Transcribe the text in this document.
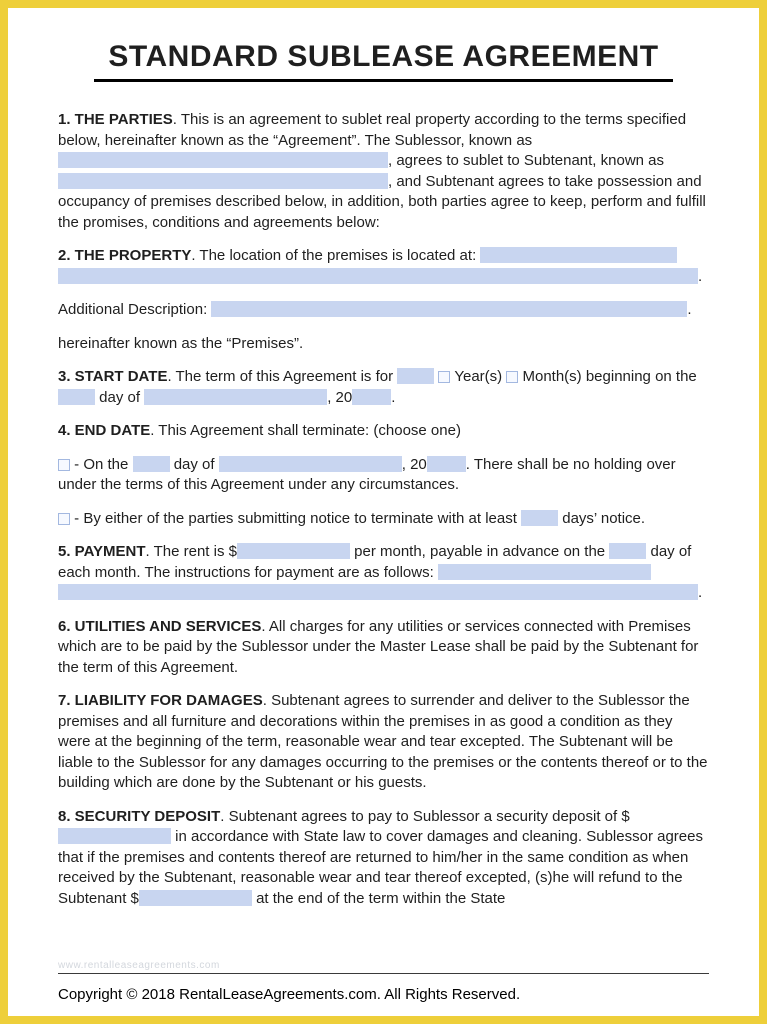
STANDARD SUBLEASE AGREEMENT

1. THE PARTIES. This is an agreement to sublet real property according to the terms specified below, hereinafter known as the “Agreement”. The Sublessor, known as , agrees to sublet to Subtenant, known as , and Subtenant agrees to take possession and occupancy of premises described below, in addition, both parties agree to keep, perform and fulfill the promises, conditions and agreements below:

2. THE PROPERTY. The location of the premises is located at:  .

Additional Description:	.

hereinafter known as the “Premises”.

3. START DATE. The term of this Agreement is for	Year(s)  Month(s) beginning on the  day of	, 20	.

4. END DATE. This Agreement shall terminate: (choose one)

- On the  day of	, 20	. There shall be no holding over under the terms of this Agreement under any circumstances.

- By either of the parties submitting notice to terminate with at least  days’ notice.

5. PAYMENT. The rent is $	per month, payable in advance on the  day of each month. The instructions for payment are as follows:  .

6. UTILITIES AND SERVICES. All charges for any utilities or services connected with Premises which are to be paid by the Sublessor under the Master Lease shall be paid by the Subtenant for the term of this Agreement.

7. LIABILITY FOR DAMAGES. Subtenant agrees to surrender and deliver to the Sublessor the premises and all furniture and decorations within the premises in as good a condition as they were at the beginning of the term, reasonable wear and tear excepted. The Subtenant will be liable to the Sublessor for any damages occurring to the premises or the contents thereof or to the building which are done by the Subtenant or his guests.

8. SECURITY DEPOSIT. Subtenant agrees to pay to Sublessor a security deposit of $ in accordance with State law to cover damages and cleaning. Sublessor agrees that if the premises and contents thereof are returned to him/her in the same condition as when received by the Subtenant, reasonable wear and tear thereof excepted, (s)he will refund to the Subtenant $	at the end of the term within the State

www.rentalleaseagreements.com
Copyright © 2018 RentalLeaseAgreements.com. All Rights Reserved.
